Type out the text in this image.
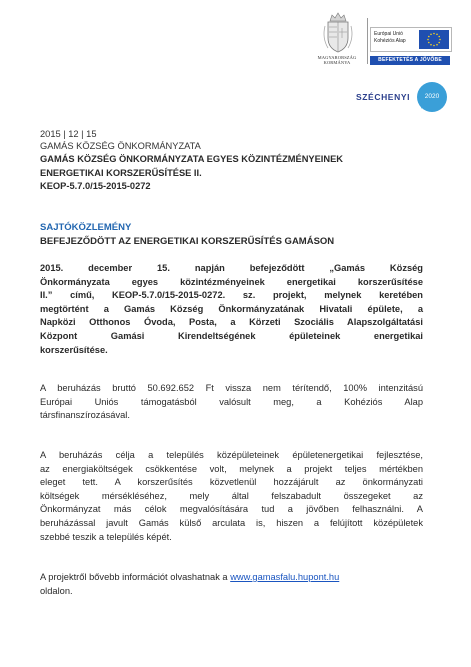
MAGYARORSZÁG
KORMÁNYA
Európai Unió
Kohéziós Alap
BEFEKTETÉS A JÖVŐBE
SZÉCHENYI	2020
2015 | 12 | 15
GAMÁS KÖZSÉG ÖNKORMÁNYZATA
GAMÁS KÖZSÉG ÖNKORMÁNYZATA EGYES KÖZINTÉZMÉNYEINEK
ENERGETIKAI KORSZERŰSÍTÉSE II.
KEOP-5.7.0/15-2015-0272
SAJTÓKÖZLEMÉNY
BEFEJEZŐDÖTT AZ ENERGETIKAI KORSZERŰSÍTÉS GAMÁSON
2015. december 15. napján befejeződött „Gamás Község
Önkormányzata egyes közintézményeinek energetikai korszerűsítése
II.” című, KEOP-5.7.0/15-2015-0272. sz. projekt, melynek keretében
megtörtént a Gamás Község Önkormányzatának Hivatali épülete, a
Napközi Otthonos Óvoda, Posta, a Körzeti Szociális Alapszolgáltatási
Központ Gamási Kirendeltségének épületeinek energetikai
korszerűsítése.
A beruházás bruttó 50.692.652 Ft vissza nem térítendő, 100% intenzitású
Európai Uniós támogatásból valósult meg, a Kohéziós Alap
társfinanszírozásával.
A beruházás célja a település középületeinek épületenergetikai fejlesztése,
az energiaköltségek csökkentése volt, melynek a projekt teljes mértékben
eleget tett. A korszerűsítés közvetlenül hozzájárult az önkormányzati
költségek mérsékléséhez, mely által felszabadult összegeket az
Önkormányzat más célok megvalósítására tud a jövőben felhasználni. A
beruházással javult Gamás külső arculata is, hiszen a felújított középületek
szebbé teszik a település képét.
A projektről bővebb információt olvashatnak a www.gamasfalu.hupont.hu
oldalon.
